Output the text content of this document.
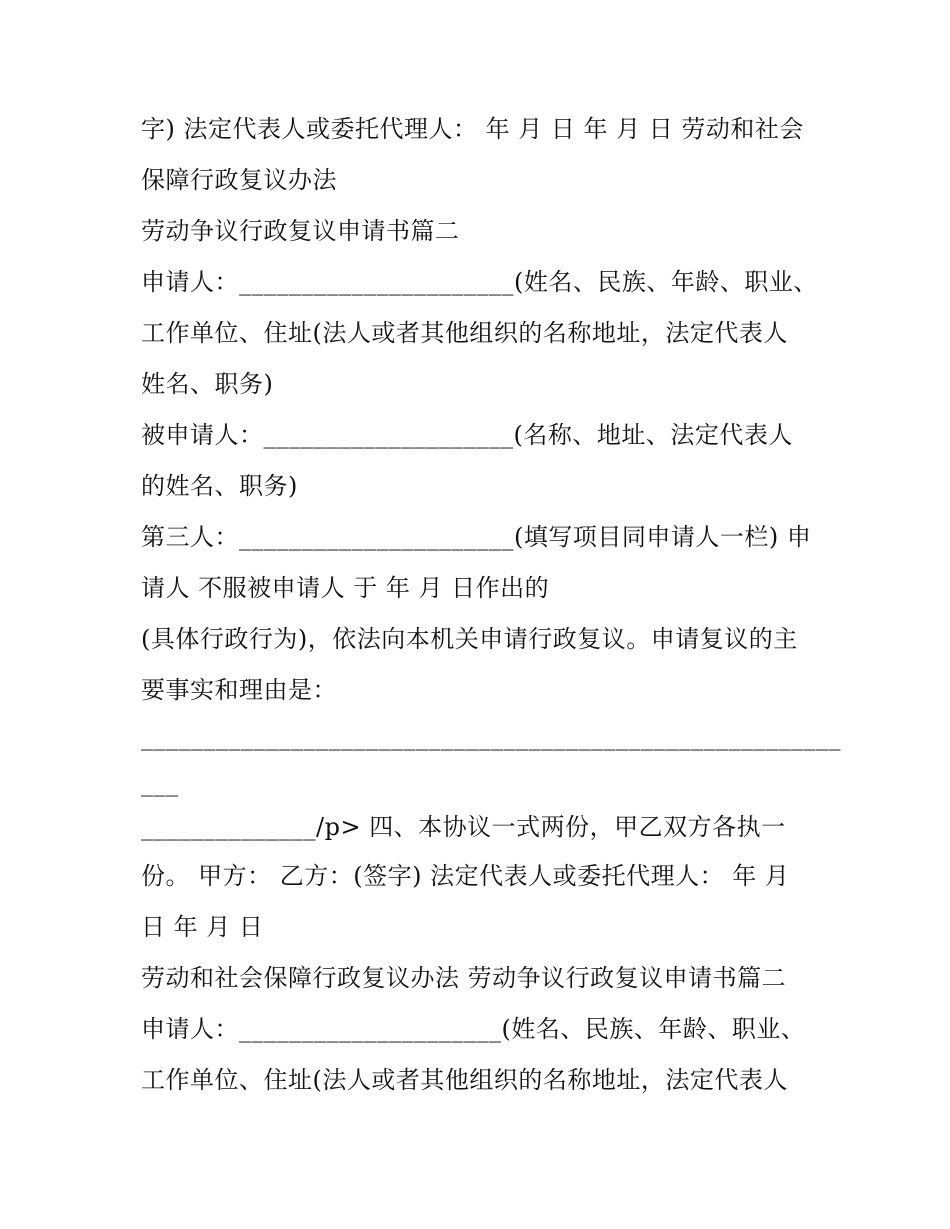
字) 法定代表人或委托代理人： 年 月 日 年 月 日 劳动和社会
保障行政复议办法
劳动争议行政复议申请书篇二
申请人：______________________(姓名、民族、年龄、职业、
工作单位、住址(法人或者其他组织的名称地址，法定代表人
姓名、职务)
被申请人：____________________(名称、地址、法定代表人
的姓名、职务)
第三人：______________________(填写项目同申请人一栏) 申
请人 不服被申请人 于 年 月 日作出的
(具体行政行为)，依法向本机关申请行政复议。申请复议的主
要事实和理由是：
________________________________________________________
___
______________/p> 四、本协议一式两份，甲乙双方各执一
份。 甲方： 乙方：(签字) 法定代表人或委托代理人： 年 月
日 年 月 日
劳动和社会保障行政复议办法 劳动争议行政复议申请书篇二
申请人：_____________________(姓名、民族、年龄、职业、
工作单位、住址(法人或者其他组织的名称地址，法定代表人
